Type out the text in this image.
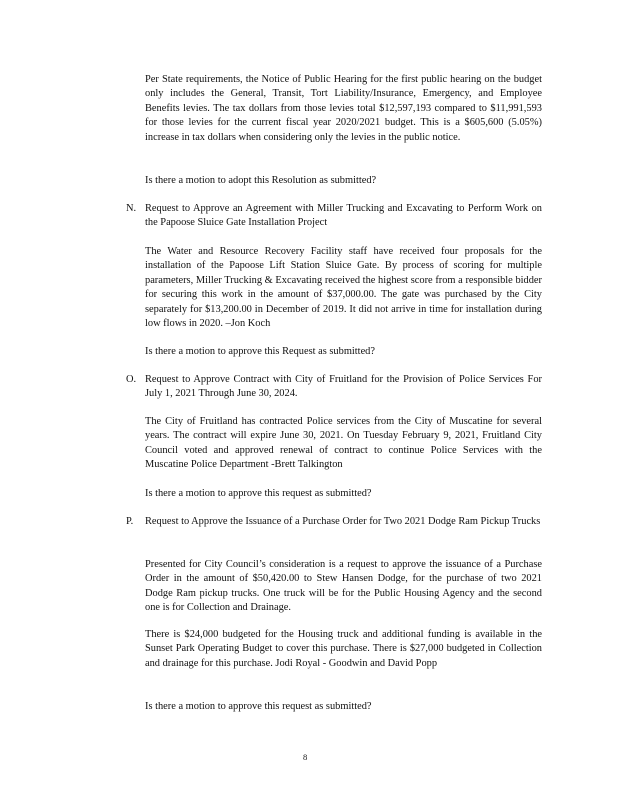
Per State requirements, the Notice of Public Hearing for the first public hearing on the budget only includes the General, Transit, Tort Liability/Insurance, Emergency, and Employee Benefits levies. The tax dollars from those levies total $12,597,193 compared to $11,991,593 for those levies for the current fiscal year 2020/2021 budget. This is a $605,600 (5.05%) increase in tax dollars when considering only the levies in the public notice.
Is there a motion to adopt this Resolution as submitted?
N. Request to Approve an Agreement with Miller Trucking and Excavating to Perform Work on the Papoose Sluice Gate Installation Project
The Water and Resource Recovery Facility staff have received four proposals for the installation of the Papoose Lift Station Sluice Gate. By process of scoring for multiple parameters, Miller Trucking & Excavating received the highest score from a responsible bidder for securing this work in the amount of $37,000.00. The gate was purchased by the City separately for $13,200.00 in December of 2019. It did not arrive in time for installation during low flows in 2020. –Jon Koch
Is there a motion to approve this Request as submitted?
O. Request to Approve Contract with City of Fruitland for the Provision of Police Services For July 1, 2021 Through June 30, 2024.
The City of Fruitland has contracted Police services from the City of Muscatine for several years. The contract will expire June 30, 2021. On Tuesday February 9, 2021, Fruitland City Council voted and approved renewal of contract to continue Police Services with the Muscatine Police Department -Brett Talkington
Is there a motion to approve this request as submitted?
P. Request to Approve the Issuance of a Purchase Order for Two 2021 Dodge Ram Pickup Trucks
Presented for City Council’s consideration is a request to approve the issuance of a Purchase Order in the amount of $50,420.00 to Stew Hansen Dodge, for the purchase of two 2021 Dodge Ram pickup trucks. One truck will be for the Public Housing Agency and the second one is for Collection and Drainage.
There is $24,000 budgeted for the Housing truck and additional funding is available in the Sunset Park Operating Budget to cover this purchase. There is $27,000 budgeted in Collection and drainage for this purchase. Jodi Royal - Goodwin and David Popp
Is there a motion to approve this request as submitted?
8
